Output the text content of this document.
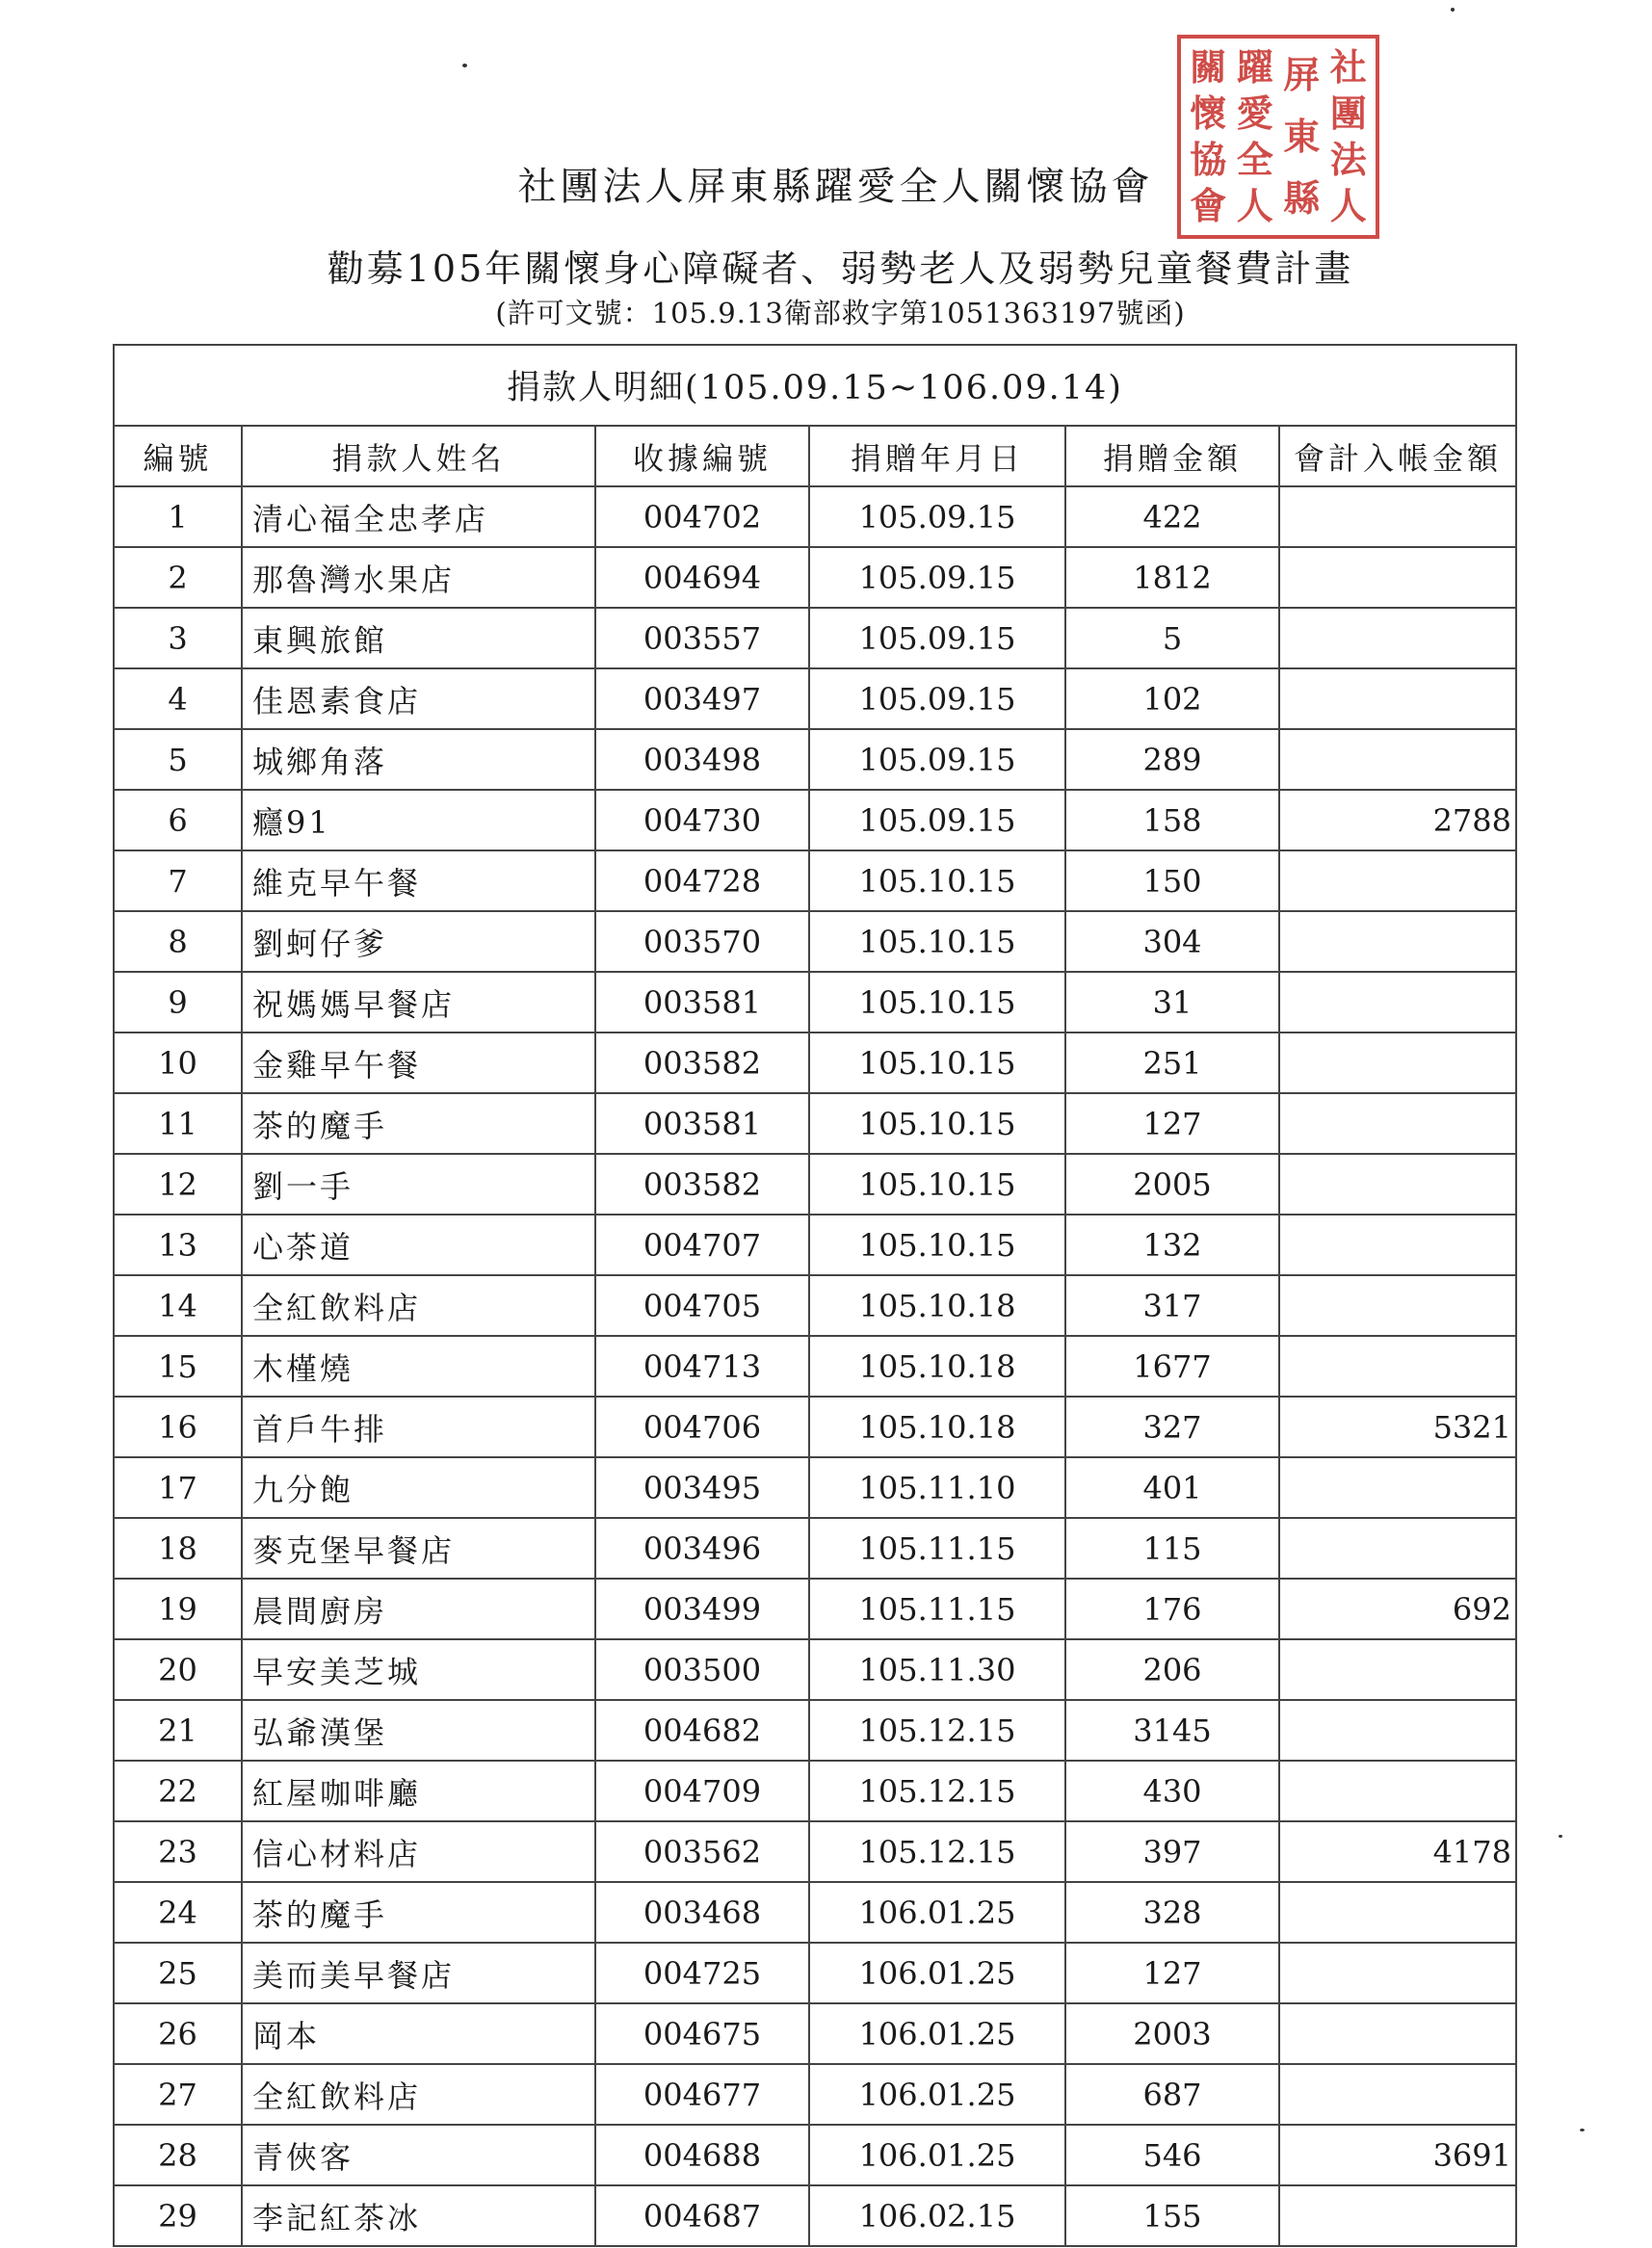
社團法人屏東縣躍愛全人關懷協會
勸募105年關懷身心障礙者、弱勢老人及弱勢兒童餐費計畫
(許可文號：105.9.13衛部救字第1051363197號函)
社
團
法
人
屏
東
縣
躍
愛
全
人
關
懷
協
會
捐款人明細(105.09.15~106.09.14)					
編號	捐款人姓名	收據編號	捐贈年月日	捐贈金額	會計入帳金額
1	清心福全忠孝店	004702	105.09.15	422	
2	那魯灣水果店	004694	105.09.15	1812	
3	東興旅館	003557	105.09.15	5	
4	佳恩素食店	003497	105.09.15	102	
5	城鄉角落	003498	105.09.15	289	
6	癮91	004730	105.09.15	158	2788
7	維克早午餐	004728	105.10.15	150	
8	劉蚵仔爹	003570	105.10.15	304	
9	祝媽媽早餐店	003581	105.10.15	31	
10	金雞早午餐	003582	105.10.15	251	
11	茶的魔手	003581	105.10.15	127	
12	劉一手	003582	105.10.15	2005	
13	心茶道	004707	105.10.15	132	
14	全紅飲料店	004705	105.10.18	317	
15	木槿燒	004713	105.10.18	1677	
16	首戶牛排	004706	105.10.18	327	5321
17	九分飽	003495	105.11.10	401	
18	麥克堡早餐店	003496	105.11.15	115	
19	晨間廚房	003499	105.11.15	176	692
20	早安美芝城	003500	105.11.30	206	
21	弘爺漢堡	004682	105.12.15	3145	
22	紅屋咖啡廳	004709	105.12.15	430	
23	信心材料店	003562	105.12.15	397	4178
24	茶的魔手	003468	106.01.25	328	
25	美而美早餐店	004725	106.01.25	127	
26	岡本	004675	106.01.25	2003	
27	全紅飲料店	004677	106.01.25	687	
28	青俠客	004688	106.01.25	546	3691
29	李記紅茶冰	004687	106.02.15	155	
